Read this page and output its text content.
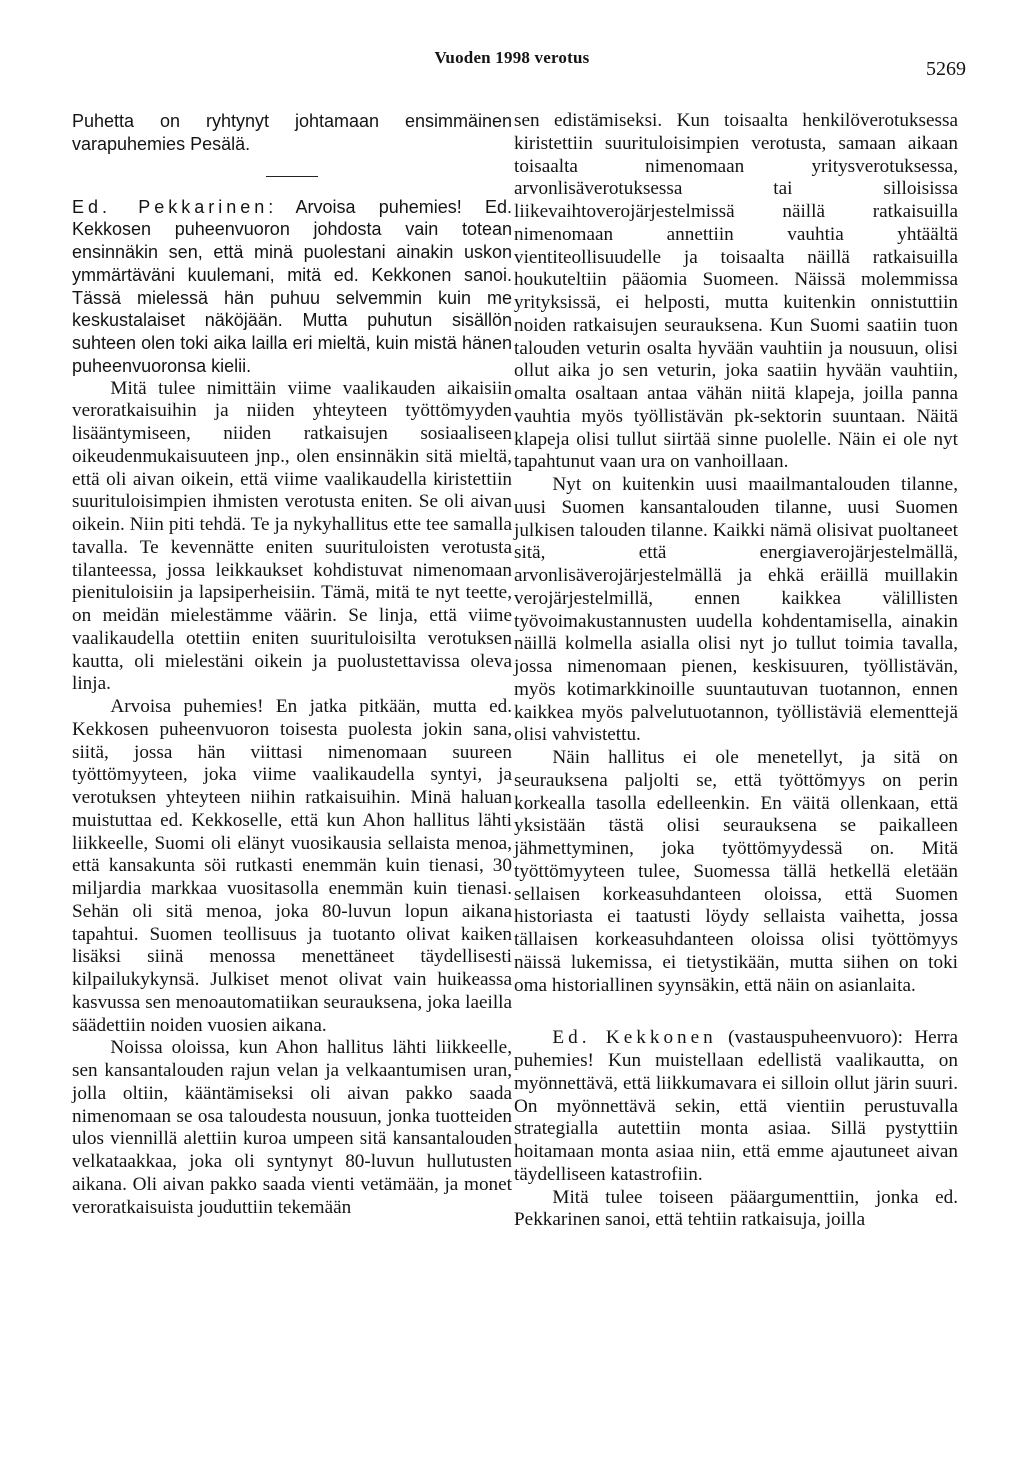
Vuoden 1998 verotus
5269

Puhetta on ryhtynyt johtamaan ensimmäinen varapuhemies Pesälä.

Ed. Pekkarinen: Arvoisa puhemies! Ed. Kekkosen puheenvuoron johdosta vain totean ensinnäkin sen, että minä puolestani ainakin uskon ymmärtäväni kuulemani, mitä ed. Kekkonen sanoi. Tässä mielessä hän puhuu selvemmin kuin me keskustalaiset näköjään. Mutta puhutun sisällön suhteen olen toki aika lailla eri mieltä, kuin mistä hänen puheenvuoronsa kielii.

Mitä tulee nimittäin viime vaalikauden aikaisiin veroratkaisuihin ja niiden yhteyteen työttömyyden lisääntymiseen, niiden ratkaisujen sosiaaliseen oikeudenmukaisuuteen jnp., olen ensinnäkin sitä mieltä, että oli aivan oikein, että viime vaalikaudella kiristettiin suurituloisimpien ihmisten verotusta eniten. Se oli aivan oikein. Niin piti tehdä. Te ja nykyhallitus ette tee samalla tavalla. Te kevennätte eniten suurituloisten verotusta tilanteessa, jossa leikkaukset kohdistuvat nimenomaan pienituloisiin ja lapsiperheisiin. Tämä, mitä te nyt teette, on meidän mielestämme väärin. Se linja, että viime vaalikaudella otettiin eniten suurituloisilta verotuksen kautta, oli mielestäni oikein ja puolustettavissa oleva linja.

Arvoisa puhemies! En jatka pitkään, mutta ed. Kekkosen puheenvuoron toisesta puolesta jokin sana, siitä, jossa hän viittasi nimenomaan suureen työttömyyteen, joka viime vaalikaudella syntyi, ja verotuksen yhteyteen niihin ratkaisuihin. Minä haluan muistuttaa ed. Kekkoselle, että kun Ahon hallitus lähti liikkeelle, Suomi oli elänyt vuosikausia sellaista menoa, että kansakunta söi rutkasti enemmän kuin tienasi, 30 miljardia markkaa vuositasolla enemmän kuin tienasi. Sehän oli sitä menoa, joka 80-luvun lopun aikana tapahtui. Suomen teollisuus ja tuotanto olivat kaiken lisäksi siinä menossa menettäneet täydellisesti kilpailukykynsä. Julkiset menot olivat vain huikeassa kasvussa sen menoautomatiikan seurauksena, joka laeilla säädettiin noiden vuosien aikana.

Noissa oloissa, kun Ahon hallitus lähti liikkeelle, sen kansantalouden rajun velan ja velkaantumisen uran, jolla oltiin, kääntämiseksi oli aivan pakko saada nimenomaan se osa taloudesta nousuun, jonka tuotteiden ulos viennillä alettiin kuroa umpeen sitä kansantalouden velkataakkaa, joka oli syntynyt 80-luvun hullutusten aikana. Oli aivan pakko saada vienti vetämään, ja monet veroratkaisuista jouduttiin tekemään

sen edistämiseksi. Kun toisaalta henkilöverotuksessa kiristettiin suurituloisimpien verotusta, samaan aikaan toisaalta nimenomaan yritysverotuksessa, arvonlisäverotuksessa tai silloisissa liikevaihtoverojärjestelmissä näillä ratkaisuilla nimenomaan annettiin vauhtia yhtäältä vientiteollisuudelle ja toisaalta näillä ratkaisuilla houkuteltiin pääomia Suomeen. Näissä molemmissa yrityksissä, ei helposti, mutta kuitenkin onnistuttiin noiden ratkaisujen seurauksena. Kun Suomi saatiin tuon talouden veturin osalta hyvään vauhtiin ja nousuun, olisi ollut aika jo sen veturin, joka saatiin hyvään vauhtiin, omalta osaltaan antaa vähän niitä klapeja, joilla panna vauhtia myös työllistävän pk-sektorin suuntaan. Näitä klapeja olisi tullut siirtää sinne puolelle. Näin ei ole nyt tapahtunut vaan ura on vanhoillaan.

Nyt on kuitenkin uusi maailmantalouden tilanne, uusi Suomen kansantalouden tilanne, uusi Suomen julkisen talouden tilanne. Kaikki nämä olisivat puoltaneet sitä, että energiaverojärjestelmällä, arvonlisäverojärjestelmällä ja ehkä eräillä muillakin verojärjestelmillä, ennen kaikkea välillisten työvoimakustannusten uudella kohdentamisella, ainakin näillä kolmella asialla olisi nyt jo tullut toimia tavalla, jossa nimenomaan pienen, keskisuuren, työllistävän, myös kotimarkkinoille suuntautuvan tuotannon, ennen kaikkea myös palvelutuotannon, työllistäviä elementtejä olisi vahvistettu.

Näin hallitus ei ole menetellyt, ja sitä on seurauksena paljolti se, että työttömyys on perin korkealla tasolla edelleenkin. En väitä ollenkaan, että yksistään tästä olisi seurauksena se paikalleen jähmettyminen, joka työttömyydessä on. Mitä työttömyyteen tulee, Suomessa tällä hetkellä eletään sellaisen korkeasuhdanteen oloissa, että Suomen historiasta ei taatusti löydy sellaista vaihetta, jossa tällaisen korkeasuhdanteen oloissa olisi työttömyys näissä lukemissa, ei tietystikään, mutta siihen on toki oma historiallinen syynsäkin, että näin on asianlaita.

Ed. Kekkonen (vastauspuheenvuoro): Herra puhemies! Kun muistellaan edellistä vaalikautta, on myönnettävä, että liikkumavara ei silloin ollut järin suuri. On myönnettävä sekin, että vientiin perustuvalla strategialla autettiin monta asiaa. Sillä pystyttiin hoitamaan monta asiaa niin, että emme ajautuneet aivan täydelliseen katastrofiin.

Mitä tulee toiseen pääargumenttiin, jonka ed. Pekkarinen sanoi, että tehtiin ratkaisuja, joilla
